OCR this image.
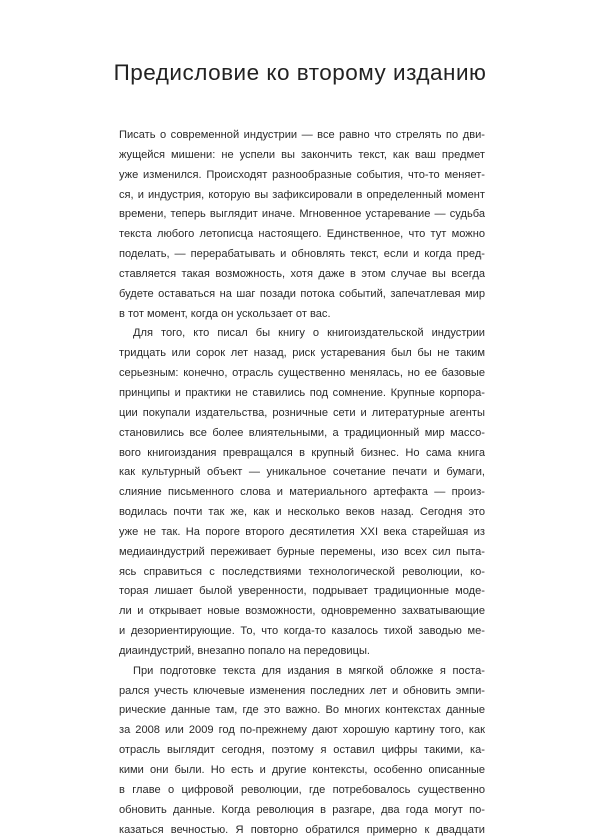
Предисловие ко второму изданию

Писать о современной индустрии — все равно что стрелять по дви-
жущейся мишени: не успели вы закончить текст, как ваш предмет
уже изменился. Происходят разнообразные события, что-то меняет-
ся, и индустрия, которую вы зафиксировали в определенный момент
времени, теперь выглядит иначе. Мгновенное устаревание — судьба
текста любого летописца настоящего. Единственное, что тут можно
поделать, — перерабатывать и обновлять текст, если и когда пред-
ставляется такая возможность, хотя даже в этом случае вы всегда
будете оставаться на шаг позади потока событий, запечатлевая мир
в тот момент, когда он ускользает от вас.

Для того, кто писал бы книгу о книгоиздательской индустрии
тридцать или сорок лет назад, риск устаревания был бы не таким
серьезным: конечно, отрасль существенно менялась, но ее базовые
принципы и практики не ставились под сомнение. Крупные корпора-
ции покупали издательства, розничные сети и литературные агенты
становились все более влиятельными, а традиционный мир массо-
вого книгоиздания превращался в крупный бизнес. Но сама книга
как культурный объект — уникальное сочетание печати и бумаги,
слияние письменного слова и материального артефакта — произ-
водилась почти так же, как и несколько веков назад. Сегодня это
уже не так. На пороге второго десятилетия XXI века старейшая из
медиаиндустрий переживает бурные перемены, изо всех сил пыта-
ясь справиться с последствиями технологической революции, ко-
торая лишает былой уверенности, подрывает традиционные моде-
ли и открывает новые возможности, одновременно захватывающие
и дезориентирующие. То, что когда-то казалось тихой заводью ме-
диаиндустрий, внезапно попало на передовицы.

При подготовке текста для издания в мягкой обложке я поста-
рался учесть ключевые изменения последних лет и обновить эмпи-
рические данные там, где это важно. Во многих контекстах данные
за 2008 или 2009 год по-прежнему дают хорошую картину того, как
отрасль выглядит сегодня, поэтому я оставил цифры такими, ка-
кими они были. Но есть и другие контексты, особенно описанные
в главе о цифровой революции, где потребовалось существенно
обновить данные. Когда революция в разгаре, два года могут по-
казаться вечностью. Я повторно обратился примерно к двадцати
